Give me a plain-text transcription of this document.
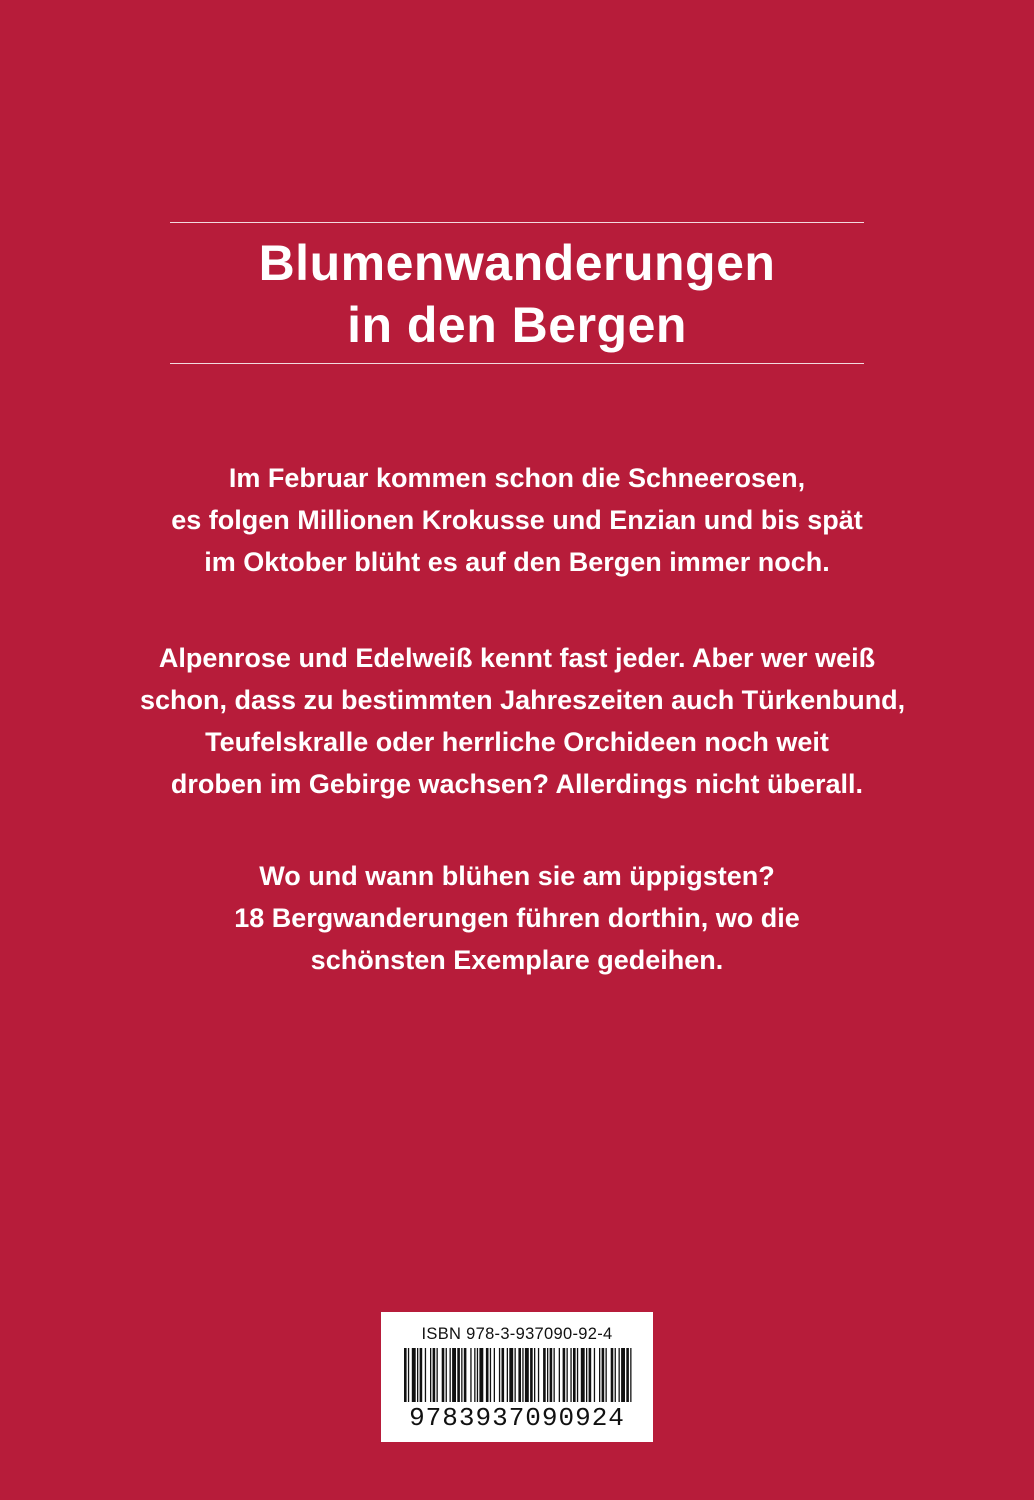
Blumenwanderungen
in den Bergen
Im Februar kommen schon die Schneerosen,
es folgen Millionen Krokusse und Enzian und bis spät
im Oktober blüht es auf den Bergen immer noch.
Alpenrose und Edelweiß kennt fast jeder. Aber wer weiß
schon, dass zu bestimmten Jahreszeiten auch Türkenbund,
Teufelskralle oder herrliche Orchideen noch weit
droben im Gebirge wachsen? Allerdings nicht überall.
Wo und wann blühen sie am üppigsten?
18 Bergwanderungen führen dorthin, wo die
schönsten Exemplare gedeihen.
ISBN 978-3-937090-92-4
9783937090924
